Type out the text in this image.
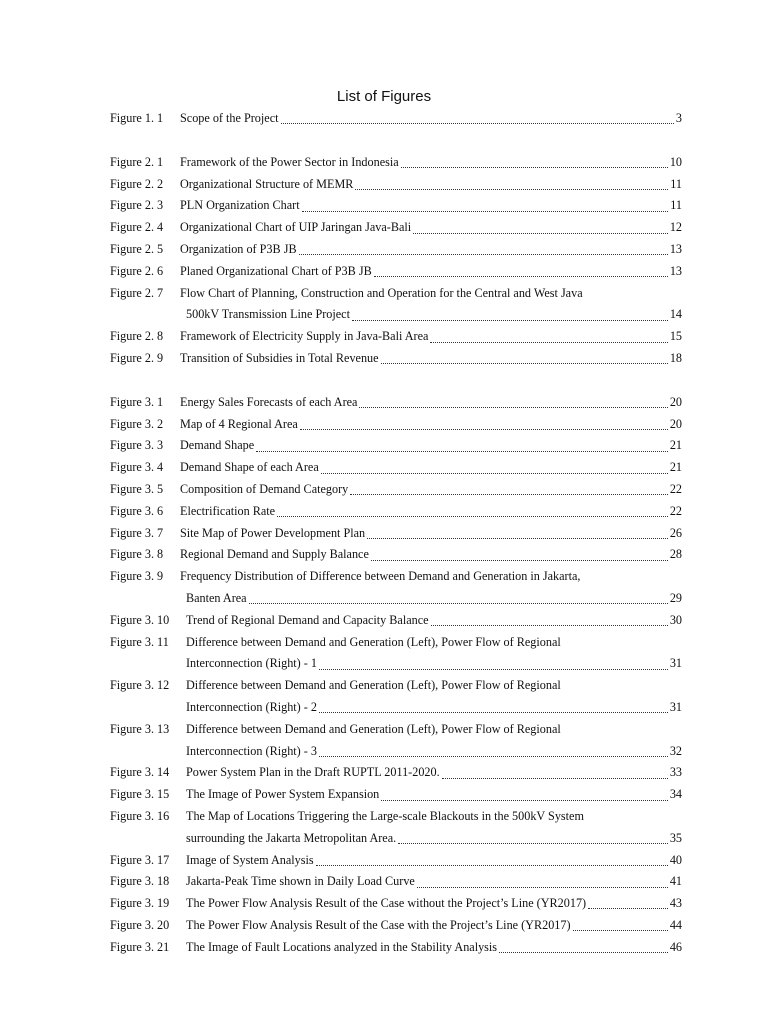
List of Figures
Figure 1. 1	Scope of the Project	3
Figure 2. 1	Framework of the Power Sector in Indonesia	10
Figure 2. 2	Organizational Structure of MEMR	11
Figure 2. 3	PLN Organization Chart	11
Figure 2. 4	Organizational Chart of UIP Jaringan Java-Bali	12
Figure 2. 5	Organization of P3B JB	13
Figure 2. 6	Planed Organizational Chart of P3B JB	13
Figure 2. 7	Flow Chart of Planning, Construction and Operation for the Central and West Java
500kV Transmission Line Project	14
Figure 2. 8	Framework of Electricity Supply in Java-Bali Area	15
Figure 2. 9	Transition of Subsidies in Total Revenue	18
Figure 3. 1	Energy Sales Forecasts of each Area	20
Figure 3. 2	Map of 4 Regional Area	20
Figure 3. 3	Demand Shape	21
Figure 3. 4	Demand Shape of each Area	21
Figure 3. 5	Composition of Demand Category	22
Figure 3. 6	Electrification Rate	22
Figure 3. 7	Site Map of Power Development Plan	26
Figure 3. 8	Regional Demand and Supply Balance	28
Figure 3. 9	Frequency Distribution of Difference between Demand and Generation in Jakarta,
Banten Area	29
Figure 3. 10	Trend of Regional Demand and Capacity Balance	30
Figure 3. 11	Difference between Demand and Generation (Left), Power Flow of Regional
Interconnection (Right) - 1	31
Figure 3. 12	Difference between Demand and Generation (Left), Power Flow of Regional
Interconnection (Right) - 2	31
Figure 3. 13	Difference between Demand and Generation (Left), Power Flow of Regional
Interconnection (Right) - 3	32
Figure 3. 14	Power System Plan in the Draft RUPTL 2011-2020.	33
Figure 3. 15	The Image of Power System Expansion	34
Figure 3. 16	The Map of Locations Triggering the Large-scale Blackouts in the 500kV System
surrounding the Jakarta Metropolitan Area.	35
Figure 3. 17	Image of System Analysis	40
Figure 3. 18	Jakarta-Peak Time shown in Daily Load Curve	41
Figure 3. 19	The Power Flow Analysis Result of the Case without the Project’s Line (YR2017)	43
Figure 3. 20	The Power Flow Analysis Result of the Case with the Project’s Line (YR2017)	44
Figure 3. 21	The Image of Fault Locations analyzed in the Stability Analysis	46
